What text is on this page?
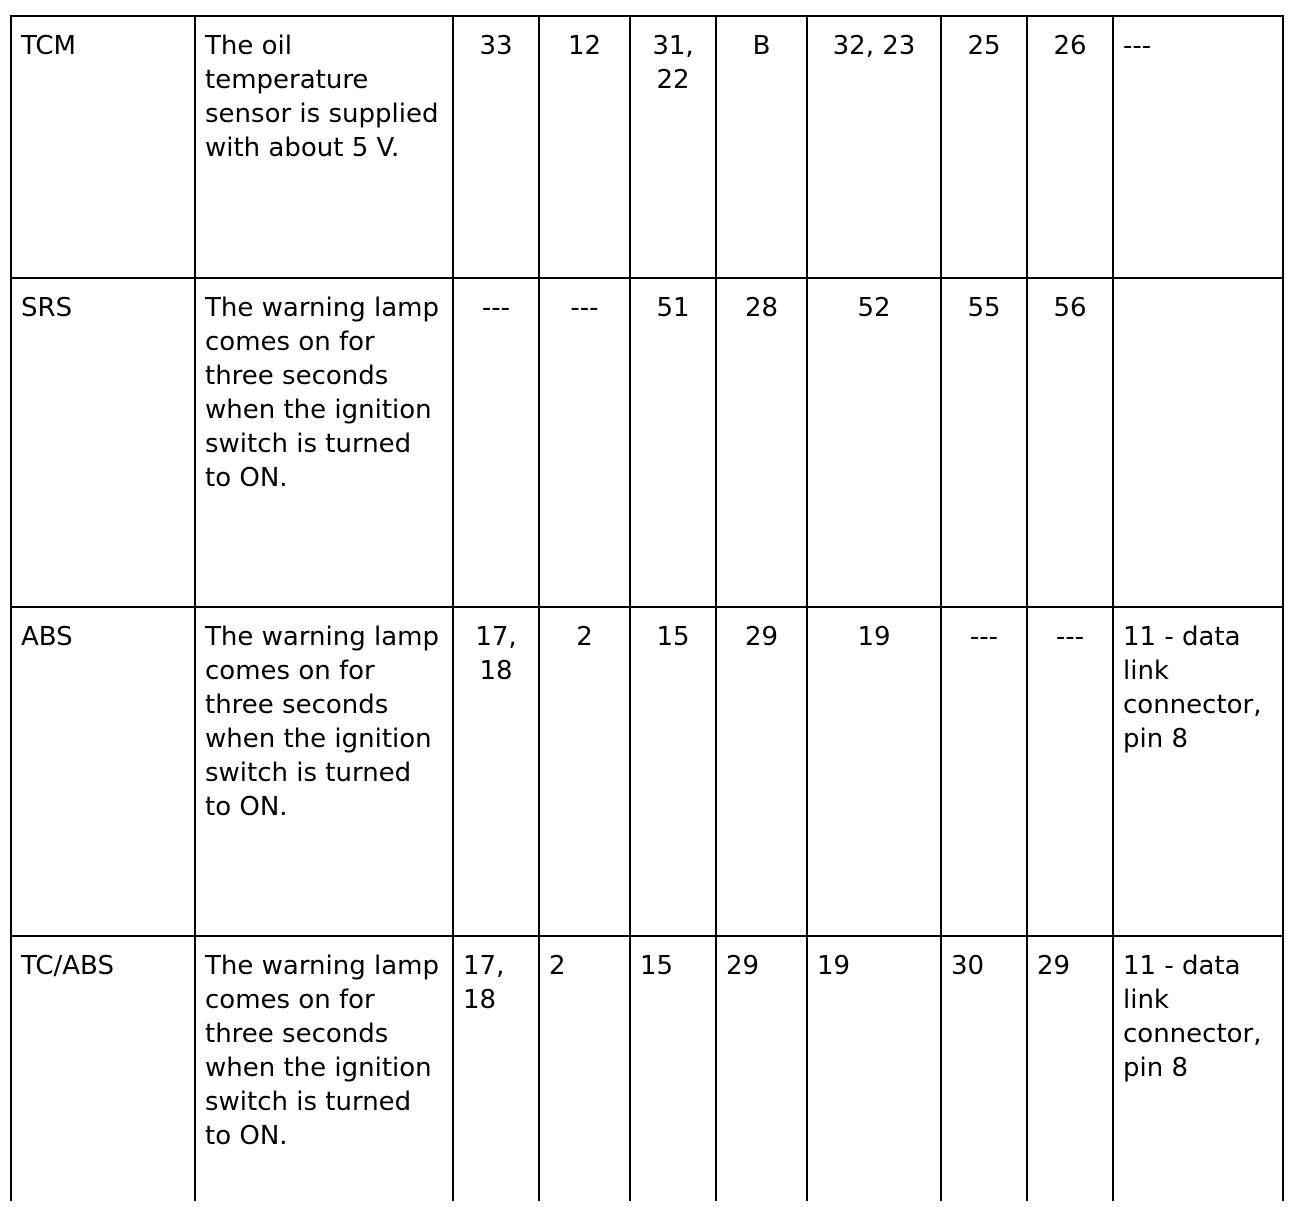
TCM	The oil temperature sensor is supplied with about 5 V.	33	12	31, 22	B	32, 23	25	26	---
SRS	The warning lamp comes on for three seconds when the ignition switch is turned to ON.	---	---	51	28	52	55	56	
ABS	The warning lamp comes on for three seconds when the ignition switch is turned to ON.	17, 18	2	15	29	19	---	---	11 - data link connector, pin 8
TC/ABS	The warning lamp comes on for three seconds when the ignition switch is turned to ON.	17, 18	2	15	29	19	30	29	11 - data link connector, pin 8
